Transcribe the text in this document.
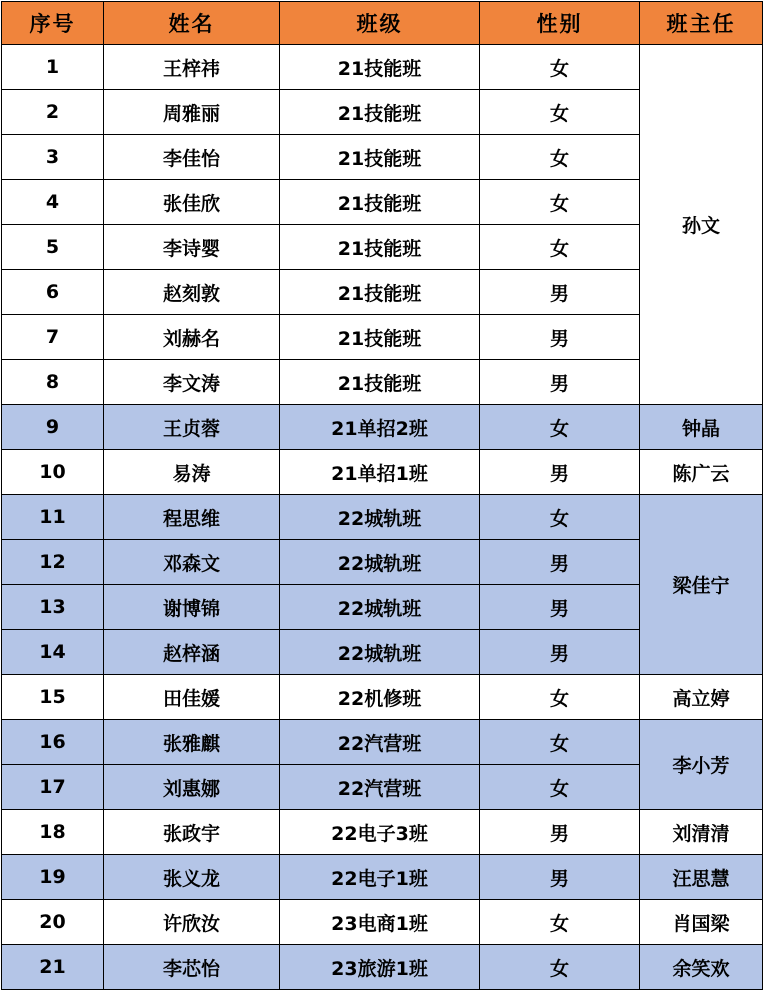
序号	姓名	班级	性别	班主任
1	王梓祎	21技能班	女	孙文
2	周雅丽	21技能班	女	
3	李佳怡	21技能班	女	
4	张佳欣	21技能班	女	
5	李诗婴	21技能班	女	
6	赵刻敦	21技能班	男	
7	刘赫名	21技能班	男	
8	李文涛	21技能班	男	
9	王贞蓉	21单招2班	女	钟晶
10	易涛	21单招1班	男	陈广云
11	程思维	22城轨班	女	梁佳宁
12	邓森文	22城轨班	男	
13	谢博锦	22城轨班	男	
14	赵梓涵	22城轨班	男	
15	田佳媛	22机修班	女	高立婷
16	张雅麒	22汽营班	女	李小芳
17	刘惠娜	22汽营班	女	
18	张政宇	22电子3班	男	刘清清
19	张义龙	22电子1班	男	汪思慧
20	许欣汝	23电商1班	女	肖国梁
21	李芯怡	23旅游1班	女	余笑欢
